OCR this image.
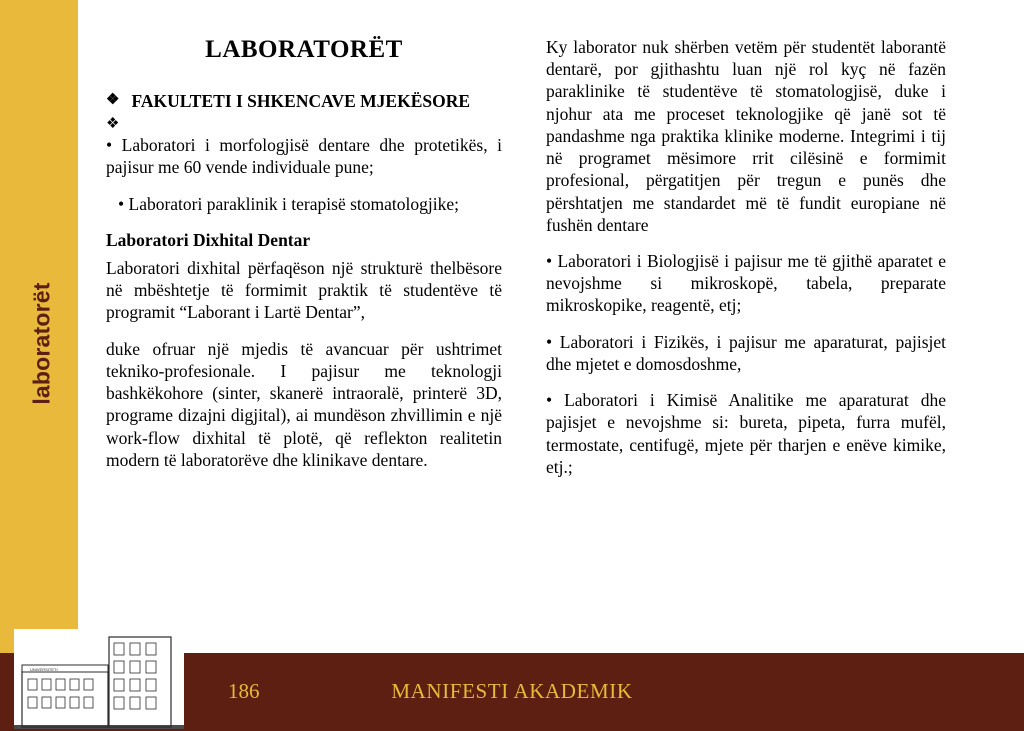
laboratorët
LABORATORËT
❖ FAKULTETI I SHKENCAVE MJEKËSORE
❖

• Laboratori i morfologjisë dentare dhe protetikës, i pajisur me 60 vende individuale pune;

• Laboratori paraklinik i terapisë stomatologjike;

Laboratori Dixhital Dentar

Laboratori dixhital përfaqëson një strukturë thelbësore në mbështetje të formimit praktik të studentëve të programit “Laborant i Lartë Dentar”,

duke ofruar një mjedis të avancuar për ushtrimet tekniko-profesionale. I pajisur me teknologji bashkëkohore (sinter, skanerë intraoralë, printerë 3D, programe dizajni digjital), ai mundëson zhvillimin e një work-flow dixhital të plotë, që reflekton realitetin modern të laboratorëve dhe klinikave dentare.

Ky laborator nuk shërben vetëm për studentët laborantë dentarë, por gjithashtu luan një rol kyç në fazën paraklinike të studentëve të stomatologjisë, duke i njohur ata me proceset teknologjike që janë sot të pandashme nga praktika klinike moderne. Integrimi i tij në programet mësimore rrit cilësinë e formimit profesional, përgatitjen për tregun e punës dhe përshtatjen me standardet më të fundit europiane në fushën dentare

• Laboratori i Biologjisë i pajisur me të gjithë aparatet e nevojshme si mikroskopë, tabela, preparate mikroskopike, reagentë, etj;

• Laboratori i Fizikës, i pajisur me aparaturat, pajisjet dhe mjetet e domosdoshme,

• Laboratori i Kimisë Analitike me aparaturat dhe pajisjet e nevojshme si: bureta, pipeta, furra mufël, termostate, centifugë, mjete për tharjen e enëve kimike, etj.;

186	MANIFESTI AKADEMIK
UNIVERSITETI
